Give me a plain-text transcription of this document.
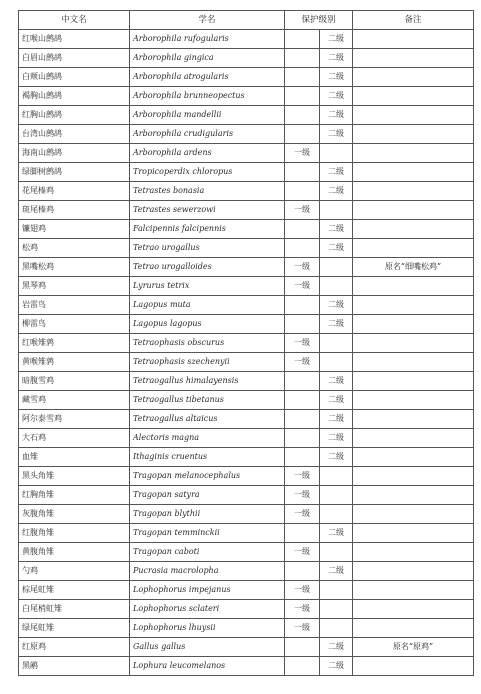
中文名	学名	保护级别		备注
红喉山鹧鸪	Arborophila rufogularis		二级	
白眉山鹧鸪	Arborophila gingica		二级	
白颊山鹧鸪	Arborophila atrogularis		二级	
褐胸山鹧鸪	Arborophila brunneopectus		二级	
红胸山鹧鸪	Arborophila mandellii		二级	
台湾山鹧鸪	Arborophila crudigularis		二级	
海南山鹧鸪	Arborophila ardens	一级		
绿脚树鹧鸪	Tropicoperdix chloropus		二级	
花尾榛鸡	Tetrastes bonasia		二级	
斑尾榛鸡	Tetrastes sewerzowi	一级		
镰翅鸡	Falcipennis falcipennis		二级	
松鸡	Tetrao urogallus		二级	
黑嘴松鸡	Tetrao urogalloides	一级		原名“细嘴松鸡”
黑琴鸡	Lyrurus tetrix	一级		
岩雷鸟	Lagopus muta		二级	
柳雷鸟	Lagopus lagopus		二级	
红喉雉鹑	Tetraophasis obscurus	一级		
黄喉雉鹑	Tetraophasis szechenyii	一级		
暗腹雪鸡	Tetraogallus himalayensis		二级	
藏雪鸡	Tetraogallus tibetanus		二级	
阿尔泰雪鸡	Tetraogallus altaicus		二级	
大石鸡	Alectoris magna		二级	
血雉	Ithaginis cruentus		二级	
黑头角雉	Tragopan melanocephalus	一级		
红胸角雉	Tragopan satyra	一级		
灰腹角雉	Tragopan blythii	一级		
红腹角雉	Tragopan temminckii		二级	
黄腹角雉	Tragopan caboti	一级		
勺鸡	Pucrasia macrolopha		二级	
棕尾虹雉	Lophophorus impejanus	一级		
白尾梢虹雉	Lophophorus sclateri	一级		
绿尾虹雉	Lophophorus lhuysii	一级		
红原鸡	Gallus gallus		二级	原名“原鸡”
黑鹇	Lophura leucomelanos		二级	
